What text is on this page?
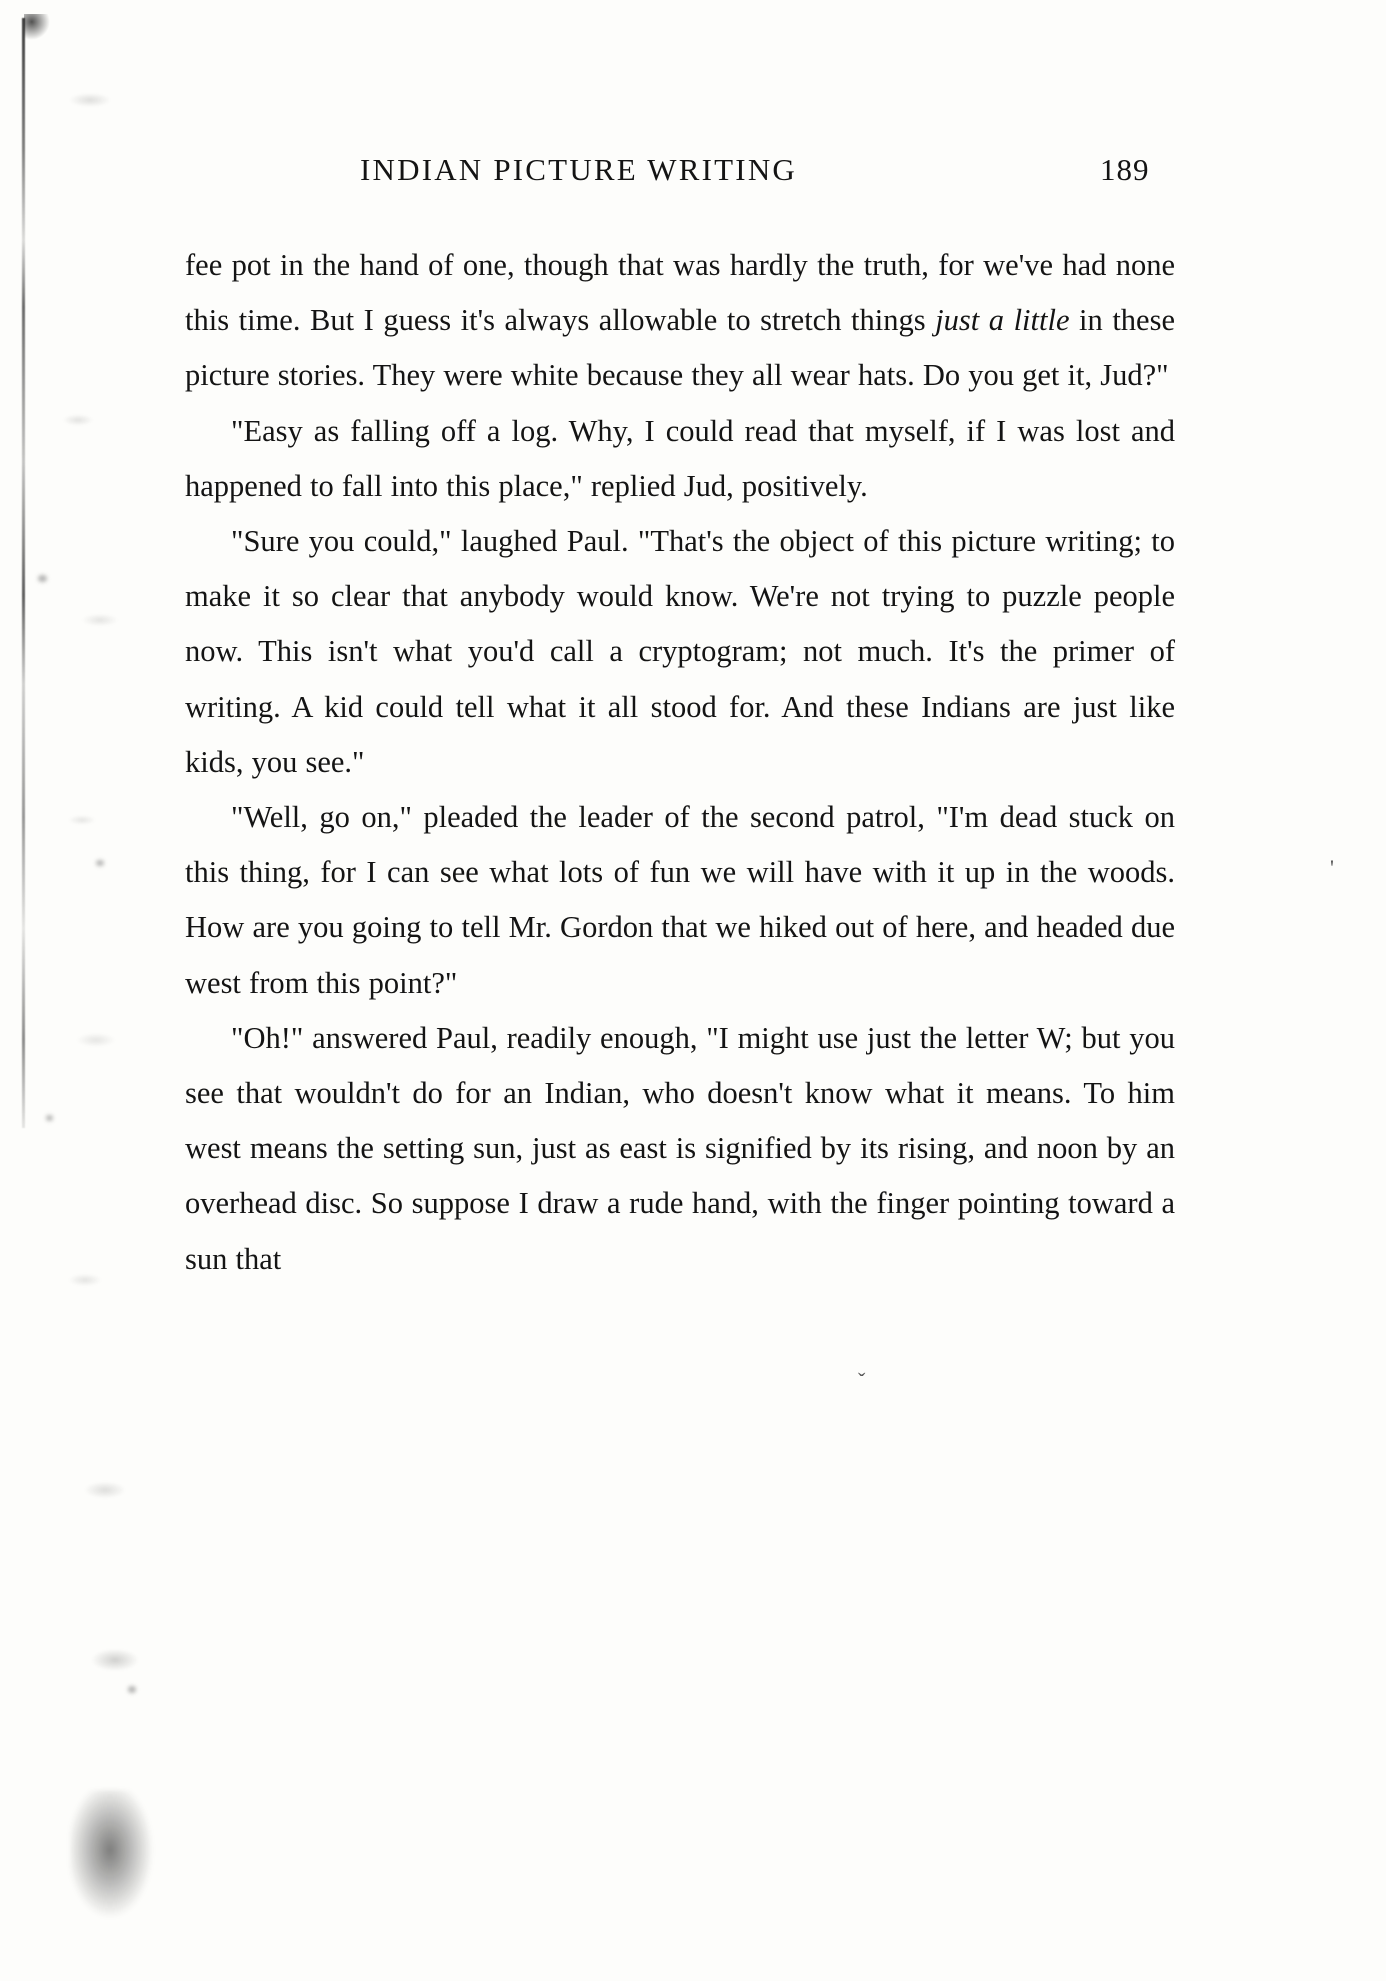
INDIAN PICTURE WRITING	189

fee pot in the hand of one, though that was hardly the truth, for we've had none this time. But I guess it's always allowable to stretch things just a little in these picture stories. They were white because they all wear hats. Do you get it, Jud?"

"Easy as falling off a log. Why, I could read that myself, if I was lost and happened to fall into this place," replied Jud, positively.

"Sure you could," laughed Paul. "That's the object of this picture writing; to make it so clear that anybody would know. We're not trying to puzzle people now. This isn't what you'd call a cryptogram; not much. It's the primer of writing. A kid could tell what it all stood for. And these Indians are just like kids, you see."

"Well, go on," pleaded the leader of the second patrol, "I'm dead stuck on this thing, for I can see what lots of fun we will have with it up in the woods. How are you going to tell Mr. Gordon that we hiked out of here, and headed due west from this point?"

"Oh!" answered Paul, readily enough, "I might use just the letter W; but you see that wouldn't do for an Indian, who doesn't know what it means. To him west means the setting sun, just as east is signified by its rising, and noon by an overhead disc. So suppose I draw a rude hand, with the finger pointing toward a sun that

'
ˇ
